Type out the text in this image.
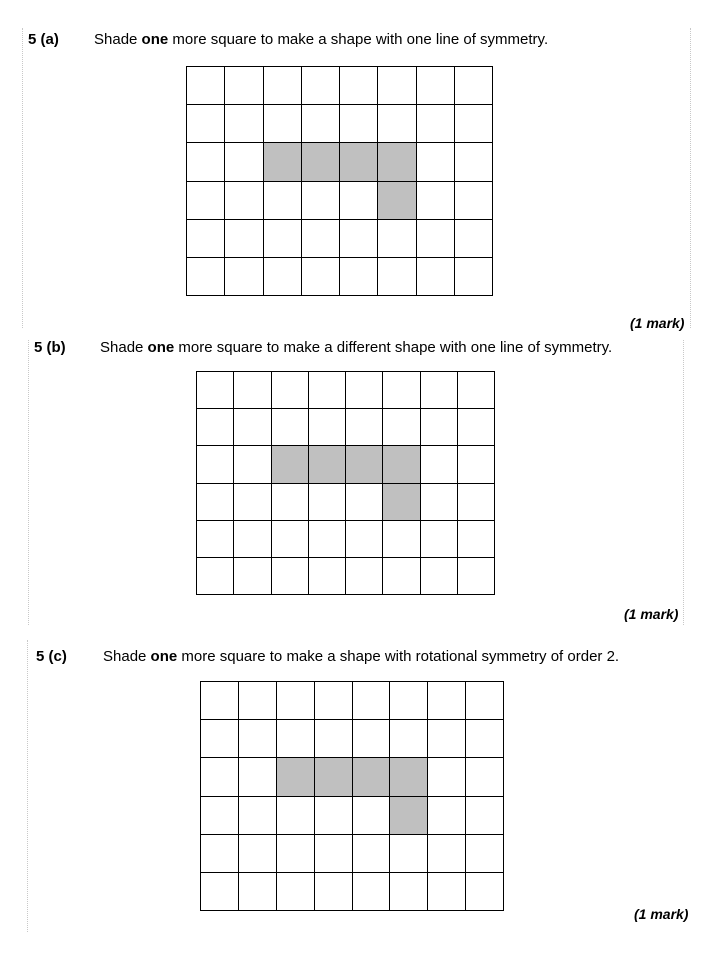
5 (a) Shade one more square to make a shape with one line of symmetry.
(1 mark)
5 (b) Shade one more square to make a different shape with one line of symmetry.
(1 mark)
5 (c) Shade one more square to make a shape with rotational symmetry of order 2.
(1 mark)
